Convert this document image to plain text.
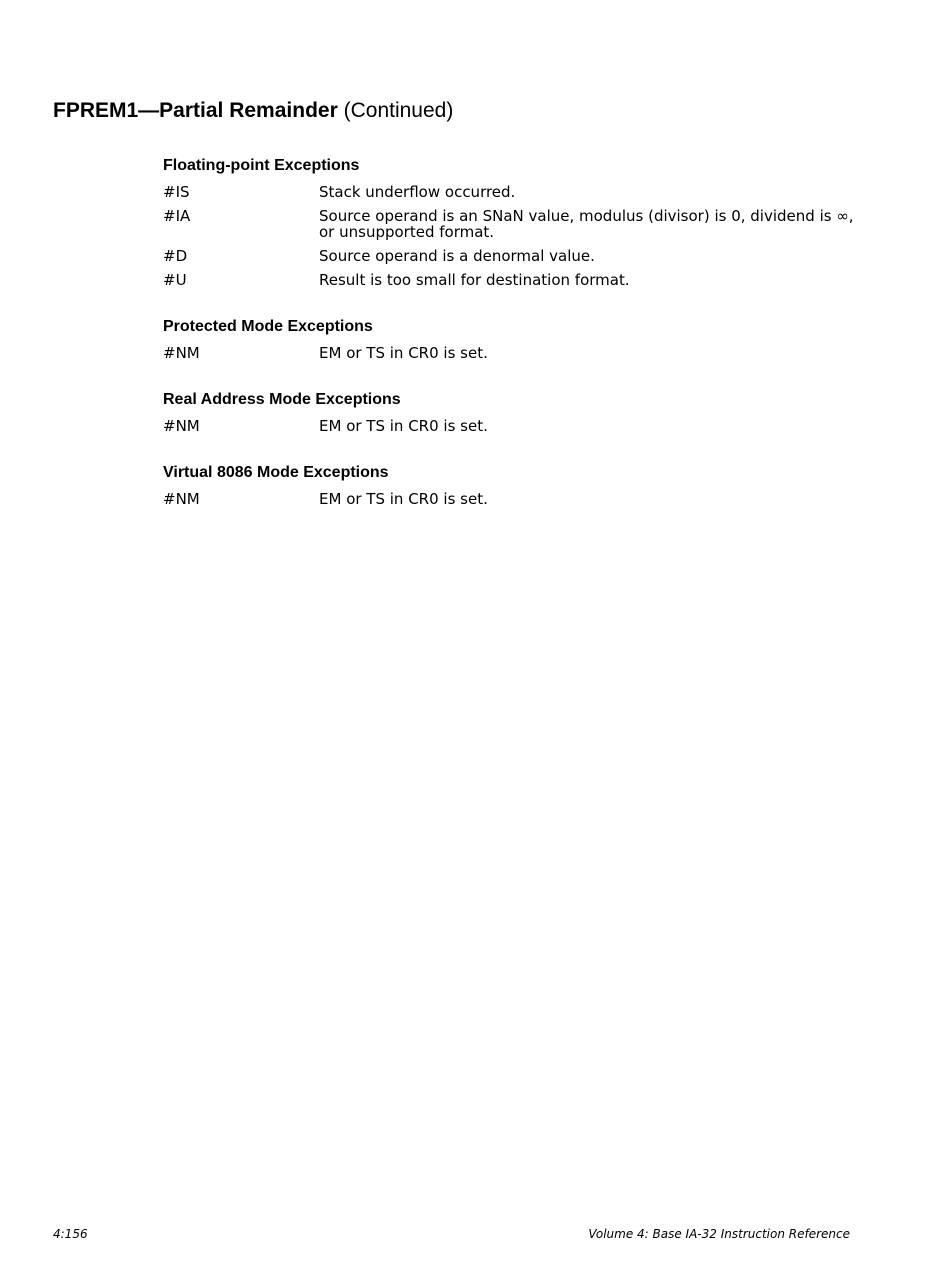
FPREM1—Partial Remainder (Continued)
Floating-point Exceptions
#IS	Stack underflow occurred.
#IA	Source operand is an SNaN value, modulus (divisor) is 0, dividend is ∞, or unsupported format.
#D	Source operand is a denormal value.
#U	Result is too small for destination format.
Protected Mode Exceptions
#NM	EM or TS in CR0 is set.
Real Address Mode Exceptions
#NM	EM or TS in CR0 is set.
Virtual 8086 Mode Exceptions
#NM	EM or TS in CR0 is set.
4:156	Volume 4: Base IA-32 Instruction Reference
